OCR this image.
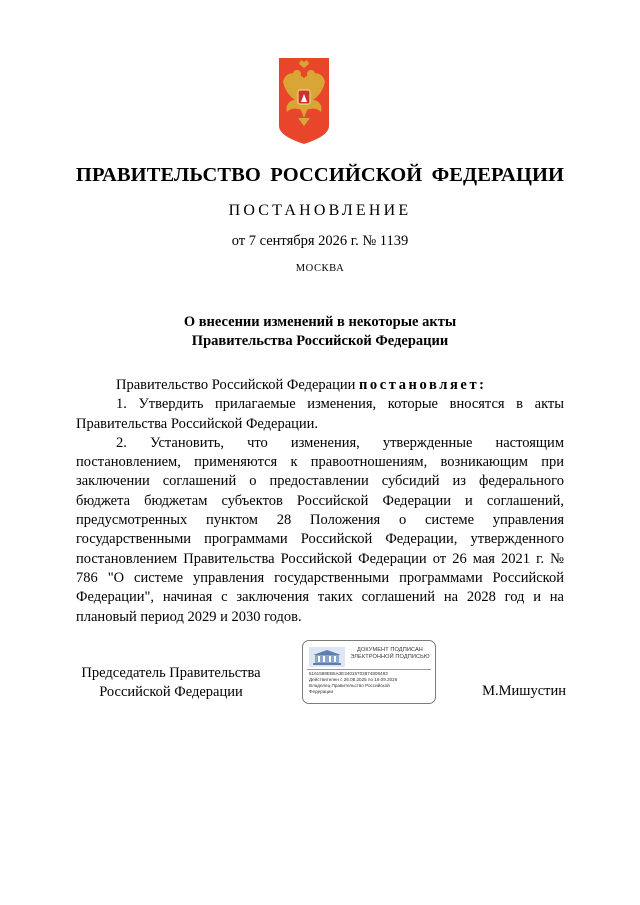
ПРАВИТЕЛЬСТВО РОССИЙСКОЙ ФЕДЕРАЦИИ
ПОСТАНОВЛЕНИЕ
от 7 сентября 2026 г. № 1139
МОСКВА
О внесении изменений в некоторые акты
Правительства Российской Федерации

Правительство Российской Федерации постановляет:

1. Утвердить прилагаемые изменения, которые вносятся в акты Правительства Российской Федерации.

2. Установить, что изменения, утвержденные настоящим постановлением, применяются к правоотношениям, возникающим при заключении соглашений о предоставлении субсидий из федерального бюджета бюджетам субъектов Российской Федерации и соглашений, предусмотренных пунктом 28 Положения о системе управления государственными программами Российской Федерации, утвержденного постановлением Правительства Российской Федерации от 26 мая 2021 г. № 786 "О системе управления государственными программами Российской Федерации", начиная с заключения таких соглашений на 2028 год и на плановый период 2029 и 2030 годов.

Председатель Правительства
Российской Федерации
ДОКУМЕНТ ПОДПИСАН
ЭЛЕКТРОННОЙ ПОДПИСЬЮ
5161588EB5A3E34015703874808483
Действителен с 26.08.2025 по 19.09.2026
Владелец Правительство Российской
Федерации	М.Мишустин
